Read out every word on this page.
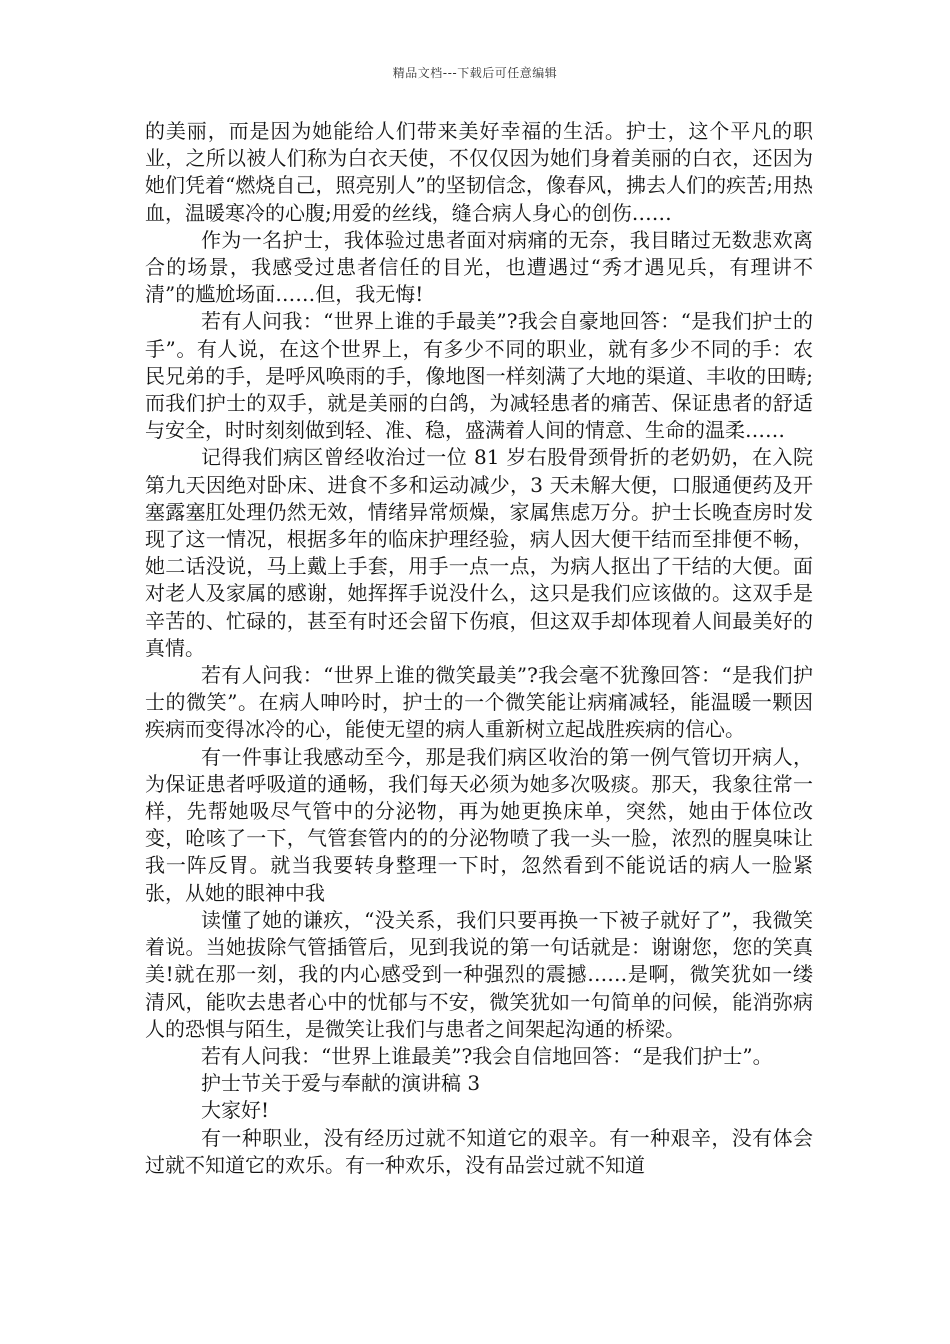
精品文档---下载后可任意编辑

的美丽，而是因为她能给人们带来美好幸福的生活。护士，这个平凡的职业，之所以被人们称为白衣天使，不仅仅因为她们身着美丽的白衣，还因为她们凭着“燃烧自己，照亮别人”的坚韧信念，像春风，拂去人们的疾苦;用热血，温暖寒冷的心腹;用爱的丝线，缝合病人身心的创伤……

作为一名护士，我体验过患者面对病痛的无奈，我目睹过无数悲欢离合的场景，我感受过患者信任的目光，也遭遇过“秀才遇见兵，有理讲不清”的尴尬场面……但，我无悔!

若有人问我：“世界上谁的手最美”?我会自豪地回答：“是我们护士的手”。有人说，在这个世界上，有多少不同的职业，就有多少不同的手：农民兄弟的手，是呼风唤雨的手，像地图一样刻满了大地的渠道、丰收的田畴;而我们护士的双手，就是美丽的白鸽，为减轻患者的痛苦、保证患者的舒适与安全，时时刻刻做到轻、准、稳，盛满着人间的情意、生命的温柔……

记得我们病区曾经收治过一位 81 岁右股骨颈骨折的老奶奶，在入院第九天因绝对卧床、进食不多和运动减少，3 天未解大便，口服通便药及开塞露塞肛处理仍然无效，情绪异常烦燥，家属焦虑万分。护士长晚查房时发现了这一情况，根据多年的临床护理经验，病人因大便干结而至排便不畅，她二话没说，马上戴上手套，用手一点一点，为病人抠出了干结的大便。面对老人及家属的感谢，她挥挥手说没什么，这只是我们应该做的。这双手是辛苦的、忙碌的，甚至有时还会留下伤痕，但这双手却体现着人间最美好的真情。

若有人问我：“世界上谁的微笑最美”?我会毫不犹豫回答：“是我们护士的微笑”。在病人呻吟时，护士的一个微笑能让病痛减轻，能温暖一颗因疾病而变得冰冷的心，能使无望的病人重新树立起战胜疾病的信心。

有一件事让我感动至今，那是我们病区收治的第一例气管切开病人，为保证患者呼吸道的通畅，我们每天必须为她多次吸痰。那天，我象往常一样，先帮她吸尽气管中的分泌物，再为她更换床单，突然，她由于体位改变，呛咳了一下，气管套管内的的分泌物喷了我一头一脸，浓烈的腥臭味让我一阵反胃。就当我要转身整理一下时，忽然看到不能说话的病人一脸紧张，从她的眼神中我

读懂了她的谦疚，“没关系，我们只要再换一下被子就好了”，我微笑着说。当她拔除气管插管后，见到我说的第一句话就是：谢谢您，您的笑真美!就在那一刻，我的内心感受到一种强烈的震撼……是啊，微笑犹如一缕清风，能吹去患者心中的忧郁与不安，微笑犹如一句简单的问候，能消弥病人的恐惧与陌生，是微笑让我们与患者之间架起沟通的桥梁。

若有人问我：“世界上谁最美”?我会自信地回答：“是我们护士”。

护士节关于爱与奉献的演讲稿 3

大家好!

有一种职业，没有经历过就不知道它的艰辛。有一种艰辛，没有体会过就不知道它的欢乐。有一种欢乐，没有品尝过就不知道
